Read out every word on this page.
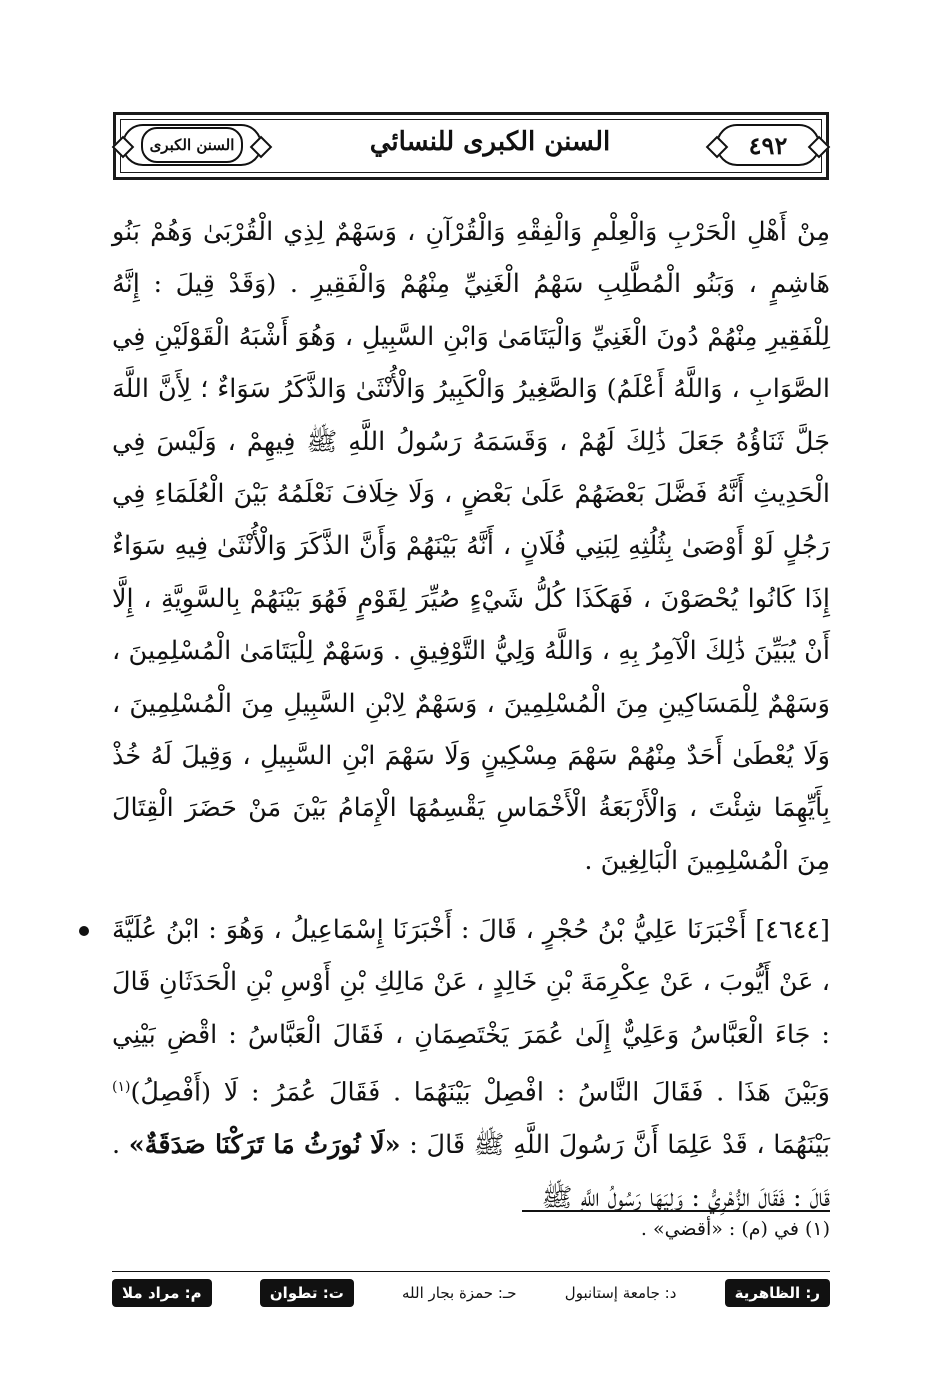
السنن الكبرى	السنن الكبرى للنسائي	٤٩٢

مِنْ أَهْلِ الْحَرْبِ وَالْعِلْمِ وَالْفِقْهِ وَالْقُرْآنِ ، وَسَهْمٌ لِذِي الْقُرْبَىٰ وَهُمْ بَنُو هَاشِمٍ ، وَبَنُو الْمُطَّلِبِ سَهْمُ الْغَنِيِّ مِنْهُمْ وَالْفَقِيرِ . (وَقَدْ قِيلَ : إِنَّهُ لِلْفَقِيرِ مِنْهُمْ دُونَ الْغَنِيِّ وَالْيَتَامَىٰ وَابْنِ السَّبِيلِ ، وَهُوَ أَشْبَهُ الْقَوْلَيْنِ فِي الصَّوَابِ ، وَاللَّهُ أَعْلَمُ) وَالصَّغِيرُ وَالْكَبِيرُ وَالْأُنْثَىٰ وَالذَّكَرُ سَوَاءٌ ؛ لِأَنَّ اللَّهَ جَلَّ ثَنَاؤُهُ جَعَلَ ذَٰلِكَ لَهُمْ ، وَقَسَمَهُ رَسُولُ اللَّهِ ﷺ فِيهِمْ ، وَلَيْسَ فِي الْحَدِيثِ أَنَّهُ فَضَّلَ بَعْضَهُمْ عَلَىٰ بَعْضٍ ، وَلَا خِلَافَ نَعْلَمُهُ بَيْنَ الْعُلَمَاءِ فِي رَجُلٍ لَوْ أَوْصَىٰ بِثُلُثِهِ لِبَنِي فُلَانٍ ، أَنَّهُ بَيْنَهُمْ وَأَنَّ الذَّكَرَ وَالْأُنْثَىٰ فِيهِ سَوَاءٌ إِذَا كَانُوا يُحْصَوْنَ ، فَهَكَذَا كُلُّ شَيْءٍ صُيِّرَ لِقَوْمٍ فَهُوَ بَيْنَهُمْ بِالسَّوِيَّةِ ، إِلَّا أَنْ يُبَيِّنَ ذَٰلِكَ الْآمِرُ بِهِ ، وَاللَّهُ وَلِيُّ التَّوْفِيقِ . وَسَهْمٌ لِلْيَتَامَىٰ الْمُسْلِمِينَ ، وَسَهْمٌ لِلْمَسَاكِينِ مِنَ الْمُسْلِمِينَ ، وَسَهْمٌ لِابْنِ السَّبِيلِ مِنَ الْمُسْلِمِينَ ، وَلَا يُعْطَىٰ أَحَدٌ مِنْهُمْ سَهْمَ مِسْكِينٍ وَلَا سَهْمَ ابْنِ السَّبِيلِ ، وَقِيلَ لَهُ خُذْ بِأَيِّهِمَا شِئْتَ ، وَالْأَرْبَعَةُ الْأَخْمَاسِ يَقْسِمُهَا الْإِمَامُ بَيْنَ مَنْ حَضَرَ الْقِتَالَ مِنَ الْمُسْلِمِينَ الْبَالِغِينَ .

[٤٦٤٤] أَخْبَرَنَا عَلِيُّ بْنُ حُجْرٍ ، قَالَ : أَخْبَرَنَا إِسْمَاعِيلُ ، وَهُوَ : ابْنُ عُلَيَّةَ ، عَنْ أَيُّوبَ ، عَنْ عِكْرِمَةَ بْنِ خَالِدٍ ، عَنْ مَالِكِ بْنِ أَوْسِ بْنِ الْحَدَثَانِ قَالَ : جَاءَ الْعَبَّاسُ وَعَلِيٌّ إِلَىٰ عُمَرَ يَخْتَصِمَانِ ، فَقَالَ الْعَبَّاسُ : اقْضِ بَيْنِي وَبَيْنَ هَذَا . فَقَالَ النَّاسُ : افْصِلْ بَيْنَهُمَا . فَقَالَ عُمَرُ : لَا (أَفْصِلُ)$^{(١)}$ بَيْنَهُمَا ، قَدْ عَلِمَا أَنَّ رَسُولَ اللَّهِ ﷺ قَالَ : «لَا نُورَثُ مَا تَرَكْنَا صَدَقَةٌ» . قَالَ : فَقَالَ الزُّهْرِيُّ : وَلِيَهَا رَسُولُ اللَّهِ ﷺ

(١) في (م) : «أقضي» .
م: مراد ملا	ت: تطوان	حـ: حمزة بجار الله	د: جامعة إستانبول	ر: الظاهرية
